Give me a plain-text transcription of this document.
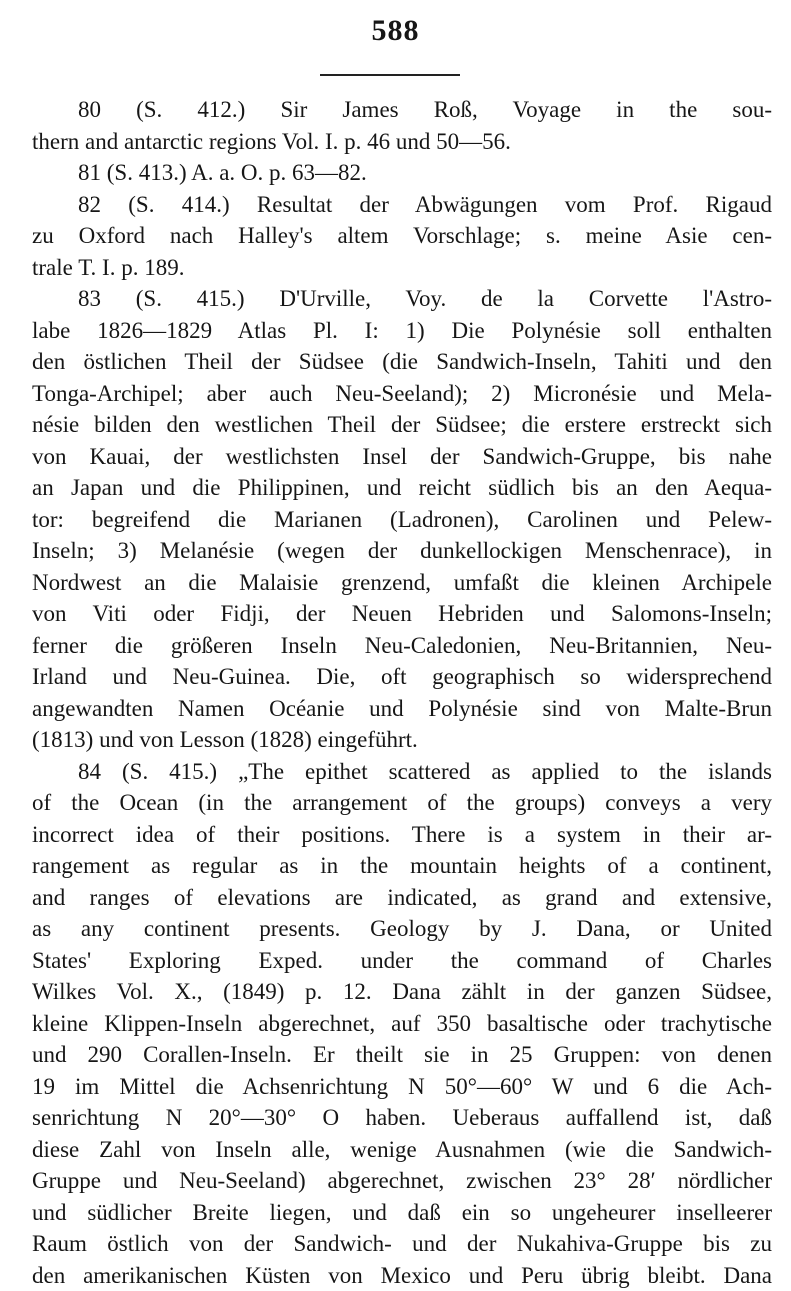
588
80 (S. 412.) Sir James Roß, Voyage in the sou-
thern and antarctic regions Vol. I. p. 46 und 50—56.
81 (S. 413.) A. a. O. p. 63—82.
82 (S. 414.) Resultat der Abwägungen vom Prof. Rigaud
zu Oxford nach Halley's altem Vorschlage; s. meine Asie cen-
trale T. I. p. 189.
83 (S. 415.) D'Urville, Voy. de la Corvette l'Astro-
labe 1826—1829 Atlas Pl. I: 1) Die Polynésie soll enthalten
den östlichen Theil der Südsee (die Sandwich-Inseln, Tahiti und den
Tonga-Archipel; aber auch Neu-Seeland); 2) Micronésie und Mela-
nésie bilden den westlichen Theil der Südsee; die erstere erstreckt sich
von Kauai, der westlichsten Insel der Sandwich-Gruppe, bis nahe
an Japan und die Philippinen, und reicht südlich bis an den Aequa-
tor: begreifend die Marianen (Ladronen), Carolinen und Pelew-
Inseln; 3) Melanésie (wegen der dunkellockigen Menschenrace), in
Nordwest an die Malaisie grenzend, umfaßt die kleinen Archipele
von Viti oder Fidji, der Neuen Hebriden und Salomons-Inseln;
ferner die größeren Inseln Neu-Caledonien, Neu-Britannien, Neu-
Irland und Neu-Guinea. Die, oft geographisch so widersprechend
angewandten Namen Océanie und Polynésie sind von Malte-Brun
(1813) und von Lesson (1828) eingeführt.
84 (S. 415.) „The epithet scattered as applied to the islands
of the Ocean (in the arrangement of the groups) conveys a very
incorrect idea of their positions. There is a system in their ar-
rangement as regular as in the mountain heights of a continent,
and ranges of elevations are indicated, as grand and extensive,
as any continent presents. Geology by J. Dana, or United
States' Exploring Exped. under the command of Charles
Wilkes Vol. X., (1849) p. 12. Dana zählt in der ganzen Südsee,
kleine Klippen-Inseln abgerechnet, auf 350 basaltische oder trachytische
und 290 Corallen-Inseln. Er theilt sie in 25 Gruppen: von denen
19 im Mittel die Achsenrichtung N 50°—60° W und 6 die Ach-
senrichtung N 20°—30° O haben. Ueberaus auffallend ist, daß
diese Zahl von Inseln alle, wenige Ausnahmen (wie die Sandwich-
Gruppe und Neu-Seeland) abgerechnet, zwischen 23° 28′ nördlicher
und südlicher Breite liegen, und daß ein so ungeheurer inselleerer
Raum östlich von der Sandwich- und der Nukahiva-Gruppe bis zu
den amerikanischen Küsten von Mexico und Peru übrig bleibt. Dana
